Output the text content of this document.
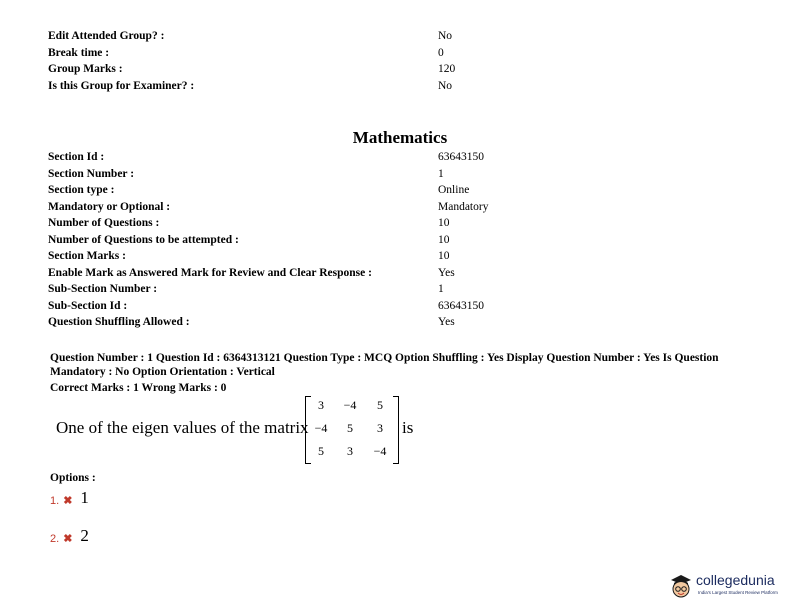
Edit Attended Group? :	No
Break time :	0
Group Marks :	120
Is this Group for Examiner? :	No
Mathematics
Section Id :	63643150
Section Number :	1
Section type :	Online
Mandatory or Optional :	Mandatory
Number of Questions :	10
Number of Questions to be attempted :	10
Section Marks :	10
Enable Mark as Answered Mark for Review and Clear Response :	Yes
Sub-Section Number :	1
Sub-Section Id :	63643150
Question Shuffling Allowed :	Yes
Question Number : 1 Question Id : 6364313121 Question Type : MCQ Option Shuffling : Yes Display Question Number : Yes Is Question
Mandatory : No Option Orientation : Vertical
Correct Marks : 1 Wrong Marks : 0
One of the eigen values of the matrix
3	−4	5
−4	5	3
5	3	−4
is
Options :
1. ✖ 1
2. ✖ 2
collegedunia
India's Largest Student Review Platform
